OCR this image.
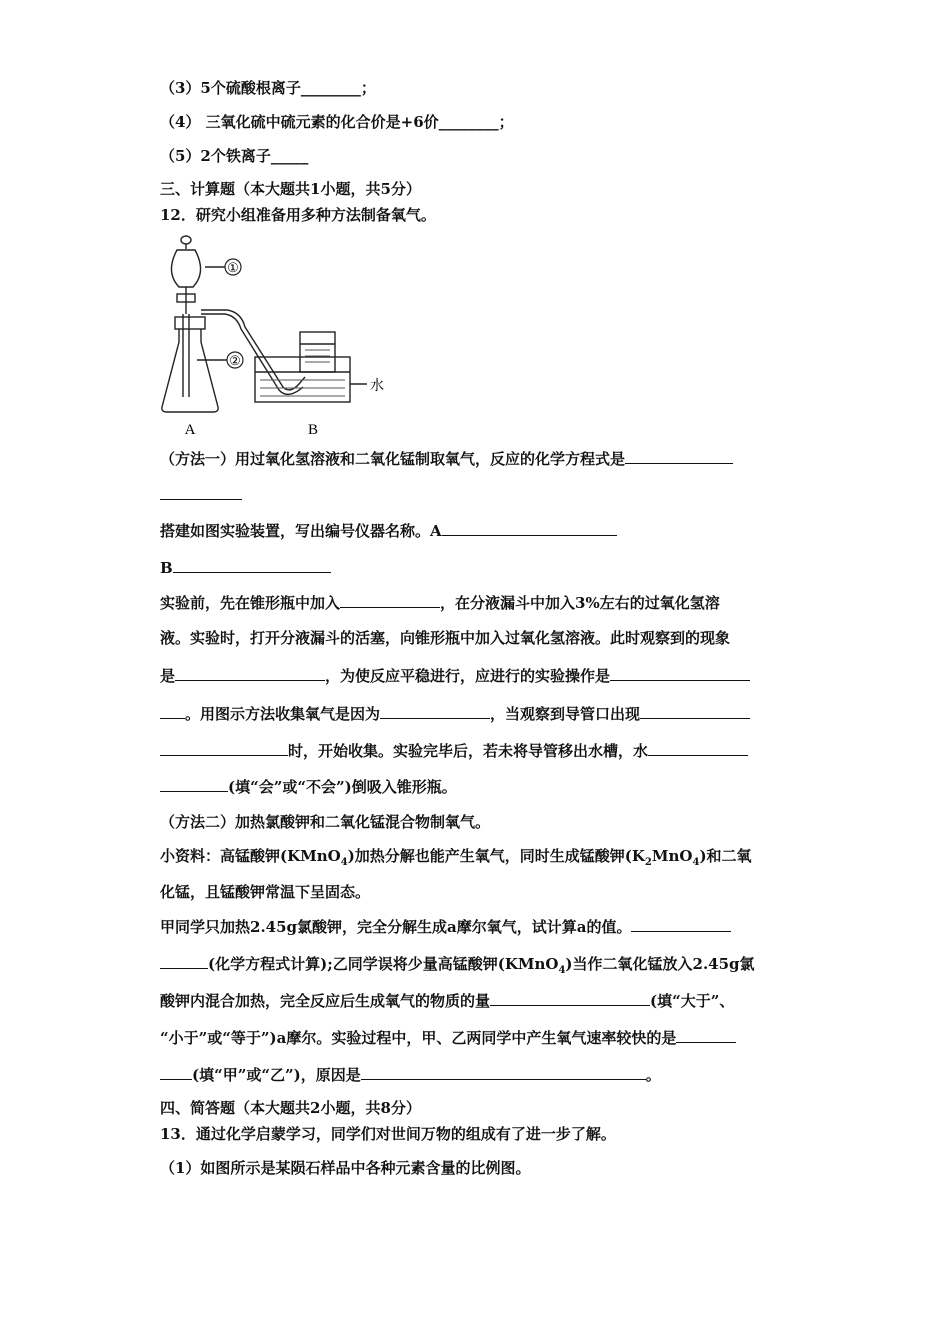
（3）5个硫酸根离子________；
（4） 三氧化硫中硫元素的化合价是+6价________；
（5）2个铁离子_____
三、计算题（本大题共1小题，共5分）
12．研究小组准备用多种方法制备氧气。
①
②
水
A	B
（方法一）用过氧化氢溶液和二氧化锰制取氧气，反应的化学方程式是
搭建如图实验装置，写出编号仪器名称。A
B
实验前，先在锥形瓶中加入	，在分液漏斗中加入3%左右的过氧化氢溶
液。实验时，打开分液漏斗的活塞，向锥形瓶中加入过氧化氢溶液。此时观察到的现象
是	，为使反应平稳进行，应进行的实验操作是
。用图示方法收集氧气是因为	，当观察到导管口出现
时，开始收集。实验完毕后，若未将导管移出水槽，水
(填“会”或“不会”)倒吸入锥形瓶。
（方法二）加热氯酸钾和二氧化锰混合物制氧气。
小资料：高锰酸钾(KMnO$_4$)加热分解也能产生氧气，同时生成锰酸钾$(K_2MnO_4)$和二氧
化锰，且锰酸钾常温下呈固态。
甲同学只加热2.45g氯酸钾，完全分解生成a摩尔氧气，试计算a的值。
(化学方程式计算);乙同学误将少量高锰酸钾(KMnO$_4$)当作二氧化锰放入2.45g氯
酸钾内混合加热，完全反应后生成氧气的物质的量	(填“大于”、
“小于”或“等于”)a摩尔。实验过程中，甲、乙两同学中产生氧气速率较快的是
(填“甲”或“乙”)，原因是	。
四、简答题（本大题共2小题，共8分）
13．通过化学启蒙学习，同学们对世间万物的组成有了进一步了解。
（1）如图所示是某陨石样品中各种元素含量的比例图。
